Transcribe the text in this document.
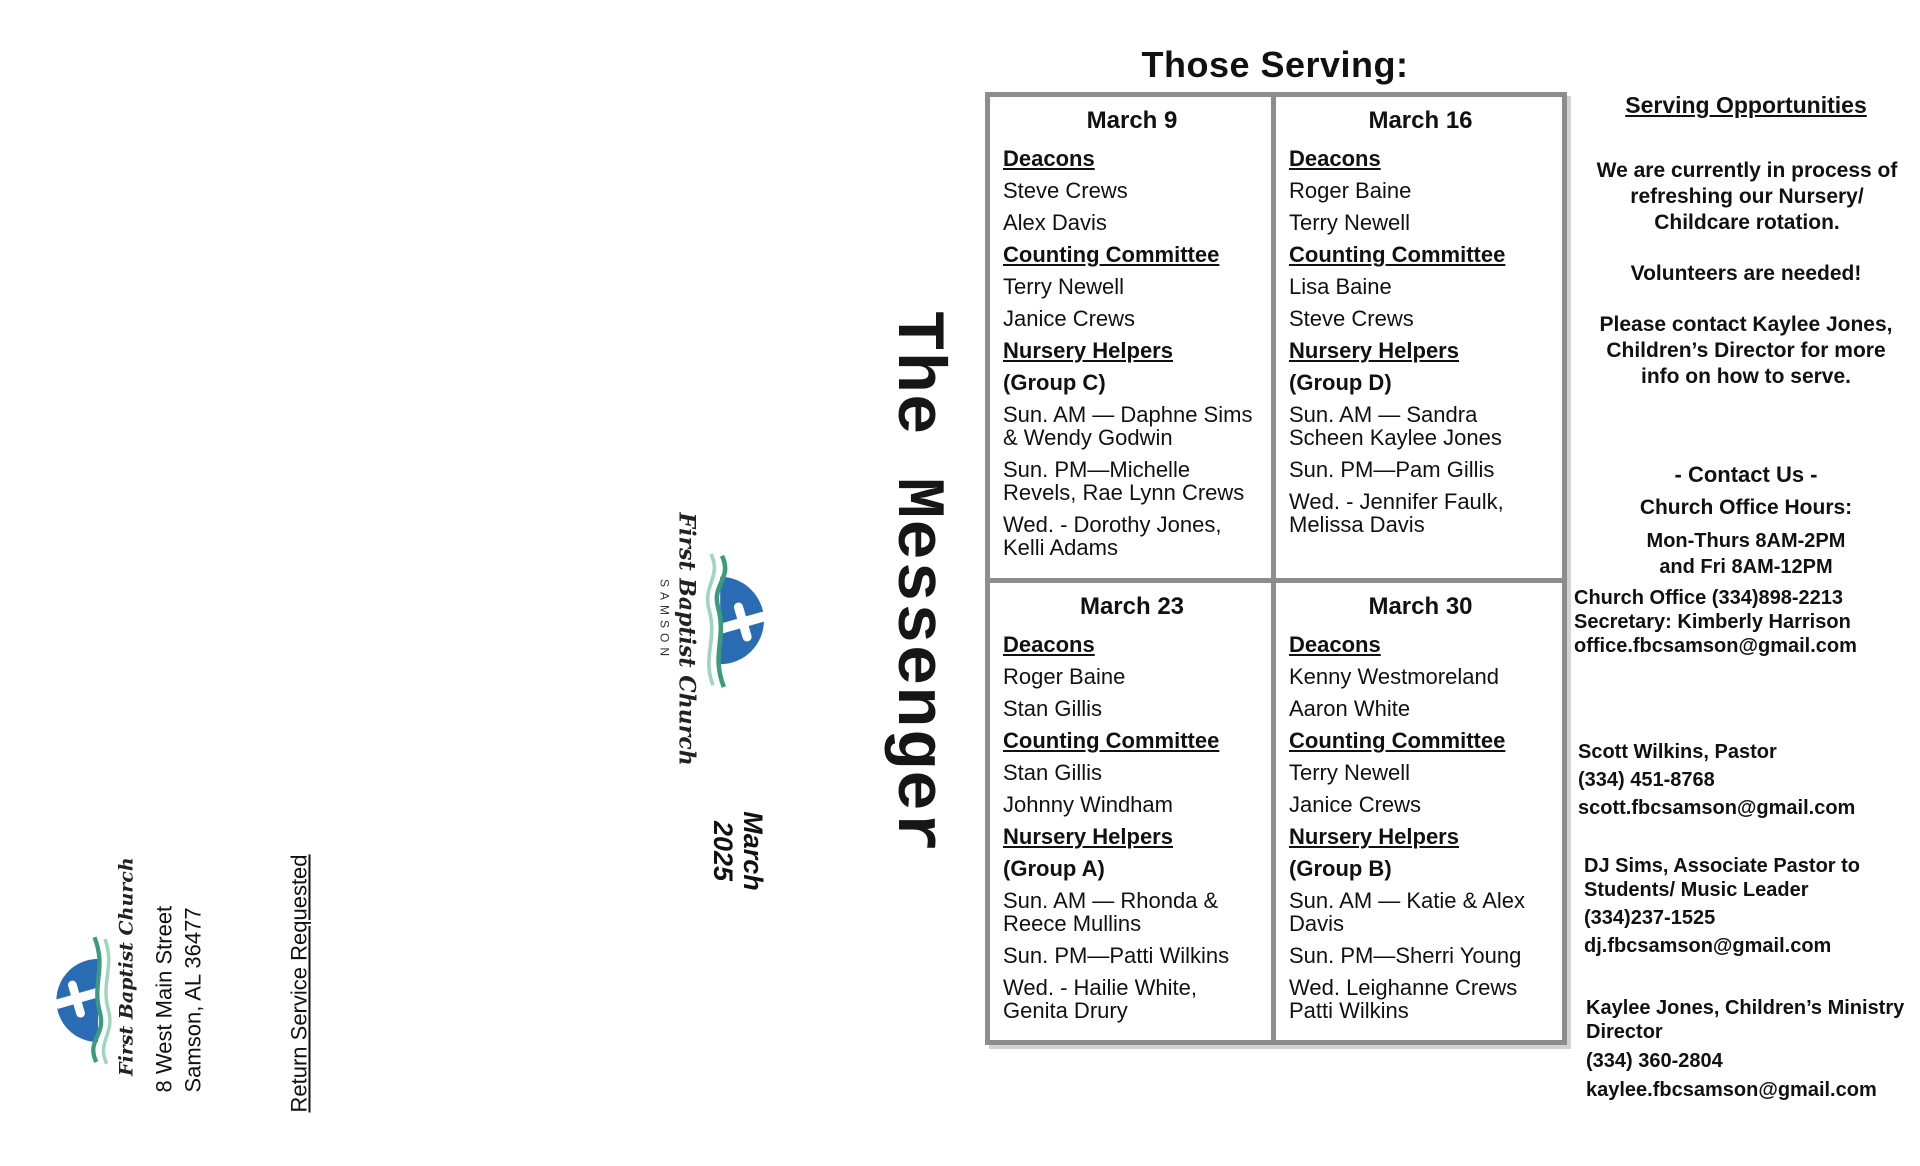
First Baptist Church 8 West Main Street Samson, AL 36477	Return Service Requested
First Baptist Church
SAMSON	The Messenger
March
2025
Those Serving:
March 9

Deacons

Steve Crews

Alex Davis

Counting Committee

Terry Newell

Janice Crews

Nursery Helpers

(Group C)

Sun. AM — Daphne Sims & Wendy Godwin

Sun. PM—Michelle Revels, Rae Lynn Crews

Wed. - Dorothy Jones, Kelli Adams

March 16

Deacons

Roger Baine

Terry Newell

Counting Committee

Lisa Baine

Steve Crews

Nursery Helpers

(Group D)

Sun. AM — Sandra Scheen Kaylee Jones

Sun. PM—Pam Gillis

Wed. - Jennifer Faulk, Melissa Davis

March 23

Deacons

Roger Baine

Stan Gillis

Counting Committee

Stan Gillis

Johnny Windham

Nursery Helpers

(Group A)

Sun. AM — Rhonda & Reece Mullins

Sun. PM—Patti Wilkins

Wed. - Hailie White, Genita Drury

March 30

Deacons

Kenny Westmoreland

Aaron White

Counting Committee

Terry Newell

Janice Crews

Nursery Helpers

(Group B)

Sun. AM — Katie & Alex Davis

Sun. PM—Sherri Young

Wed. Leighanne Crews Patti Wilkins

Serving Opportunities
We are currently in process of refreshing our Nursery/ Childcare rotation.
Volunteers are needed!
Please contact Kaylee Jones, Children’s Director for more info on how to serve.
- Contact Us -
Church Office Hours:
Mon-Thurs 8AM-2PM
and Fri 8AM-12PM
Church Office (334)898-2213
Secretary: Kimberly Harrison
office.fbcsamson@gmail.com
Scott Wilkins, Pastor
(334) 451-8768
scott.fbcsamson@gmail.com
DJ Sims, Associate Pastor to Students/ Music Leader
(334)237-1525
dj.fbcsamson@gmail.com
Kaylee Jones, Children’s Ministry Director
(334) 360-2804
kaylee.fbcsamson@gmail.com
